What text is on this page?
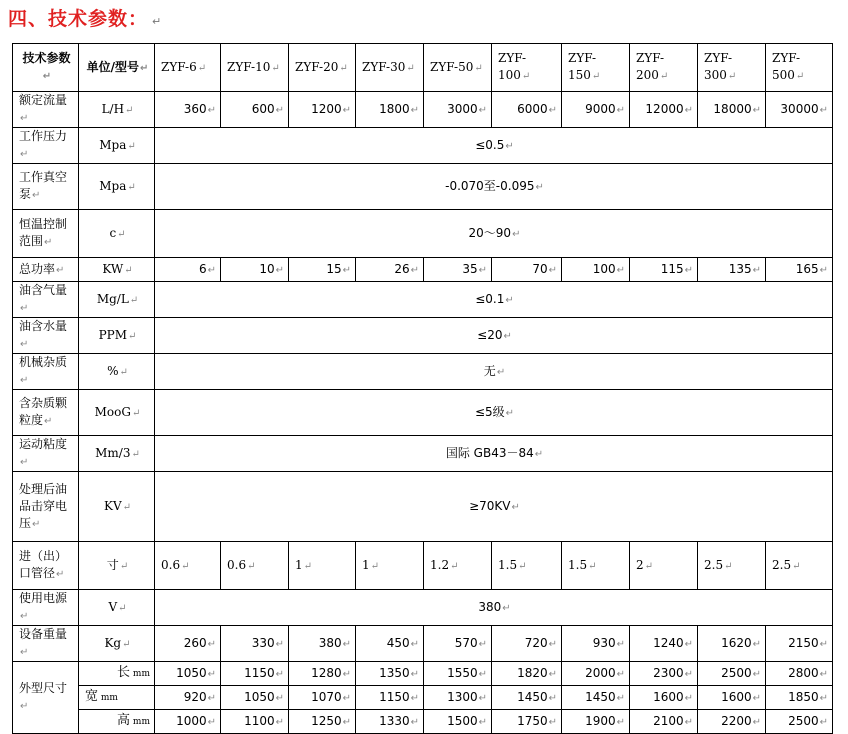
四、技术参数： ↵
技术参数 ↵	单位/型号 ↵	ZYF-6 ↵	ZYF-10 ↵	ZYF-20 ↵	ZYF-30 ↵	ZYF-50 ↵	ZYF-100 ↵	ZYF-150 ↵	ZYF-200 ↵	ZYF-300 ↵	ZYF-500 ↵
额定流量 ↵	L/H ↵	360 ↵	600 ↵	1200 ↵	1800 ↵	3000 ↵	6000 ↵	9000 ↵	12000 ↵	18000 ↵	30000 ↵
工作压力 ↵	Mpa ↵	≤0.5 ↵
工作真空泵 ↵	Mpa ↵	-0.070至-0.095 ↵
恒温控制范围 ↵	c ↵	20～90 ↵
总功率 ↵	KW ↵	6 ↵	10 ↵	15 ↵	26 ↵	35 ↵	70 ↵	100 ↵	115 ↵	135 ↵	165 ↵
油含气量 ↵	Mg/L ↵	≤0.1 ↵
油含水量 ↵	PPM ↵	≤20 ↵
机械杂质 ↵	% ↵	无 ↵
含杂质颗粒度 ↵	MooG ↵	≤5级 ↵
运动粘度 ↵	Mm/3 ↵	国际 GB43－84 ↵
处理后油品击穿电压 ↵	KV ↵	≥70KV ↵
进（出）口管径 ↵	寸 ↵	0.6 ↵	0.6 ↵	1 ↵	1 ↵	1.2 ↵	1.5 ↵	1.5 ↵	2 ↵	2.5 ↵	2.5 ↵
使用电源 ↵	V ↵	380 ↵
设备重量 ↵	Kg ↵	260 ↵	330 ↵	380 ↵	450 ↵	570 ↵	720 ↵	930 ↵	1240 ↵	1620 ↵	2150 ↵
外型尺寸 ↵	长 mm	1050 ↵	1150 ↵	1280 ↵	1350 ↵	1550 ↵	1820 ↵	2000 ↵	2300 ↵	2500 ↵	2800 ↵
	宽 mm	920 ↵	1050 ↵	1070 ↵	1150 ↵	1300 ↵	1450 ↵	1450 ↵	1600 ↵	1600 ↵	1850 ↵
	高 mm	1000 ↵	1100 ↵	1250 ↵	1330 ↵	1500 ↵	1750 ↵	1900 ↵	2100 ↵	2200 ↵	2500 ↵
